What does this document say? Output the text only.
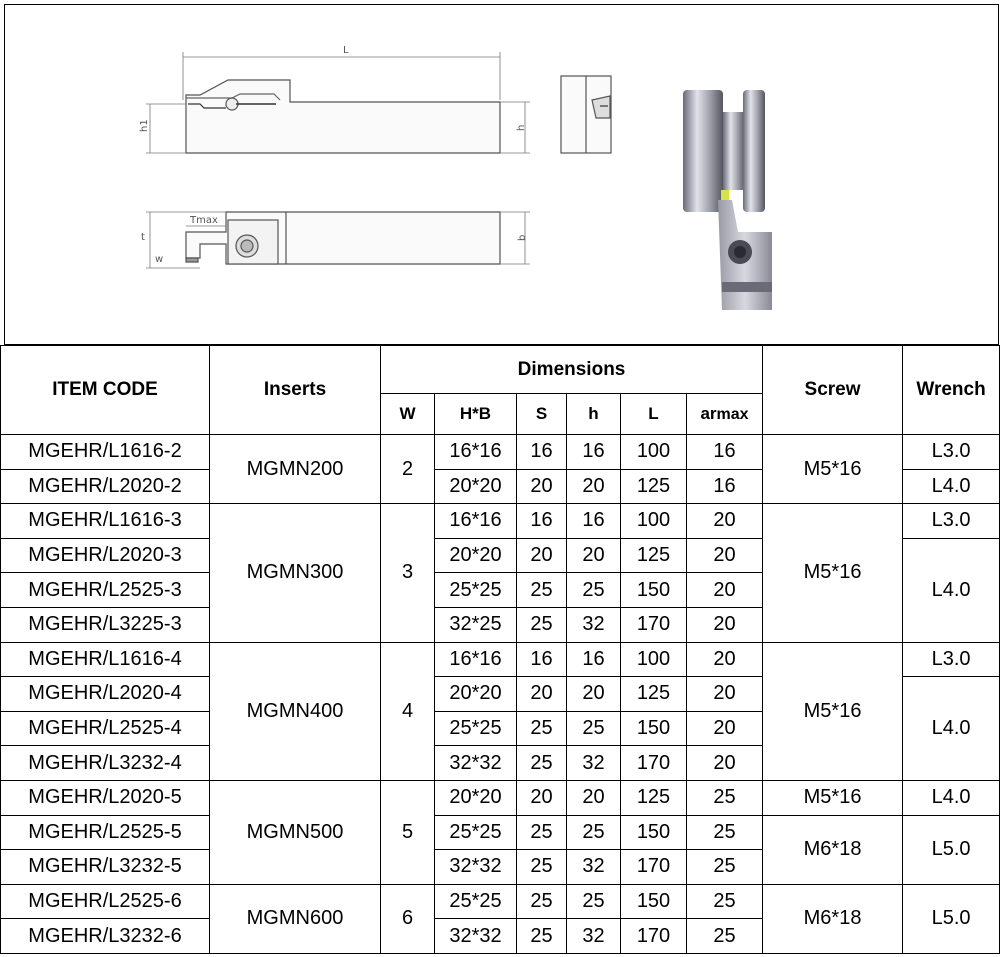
L
h1	h
Tmax
t
w
b
ITEM CODE	Inserts	Dimensions						Screw	Wrench
		W	H*B	S	h	L	armax		
MGEHR/L1616-2	MGMN200	2	16*16	16	16	100	16	M5*16	L3.0
MGEHR/L2020-2			20*20	20	20	125	16		L4.0
MGEHR/L1616-3	MGMN300	3	16*16	16	16	100	20	M5*16	L3.0
MGEHR/L2020-3			20*20	20	20	125	20		L4.0
MGEHR/L2525-3			25*25	25	25	150	20		
MGEHR/L3225-3			32*25	25	32	170	20		
MGEHR/L1616-4	MGMN400	4	16*16	16	16	100	20	M5*16	L3.0
MGEHR/L2020-4			20*20	20	20	125	20		L4.0
MGEHR/L2525-4			25*25	25	25	150	20		
MGEHR/L3232-4			32*32	25	32	170	20		
MGEHR/L2020-5	MGMN500	5	20*20	20	20	125	25	M5*16	L4.0
MGEHR/L2525-5			25*25	25	25	150	25	M6*18	L5.0
MGEHR/L3232-5			32*32	25	32	170	25		
MGEHR/L2525-6	MGMN600	6	25*25	25	25	150	25	M6*18	L5.0
MGEHR/L3232-6			32*32	25	32	170	25		
